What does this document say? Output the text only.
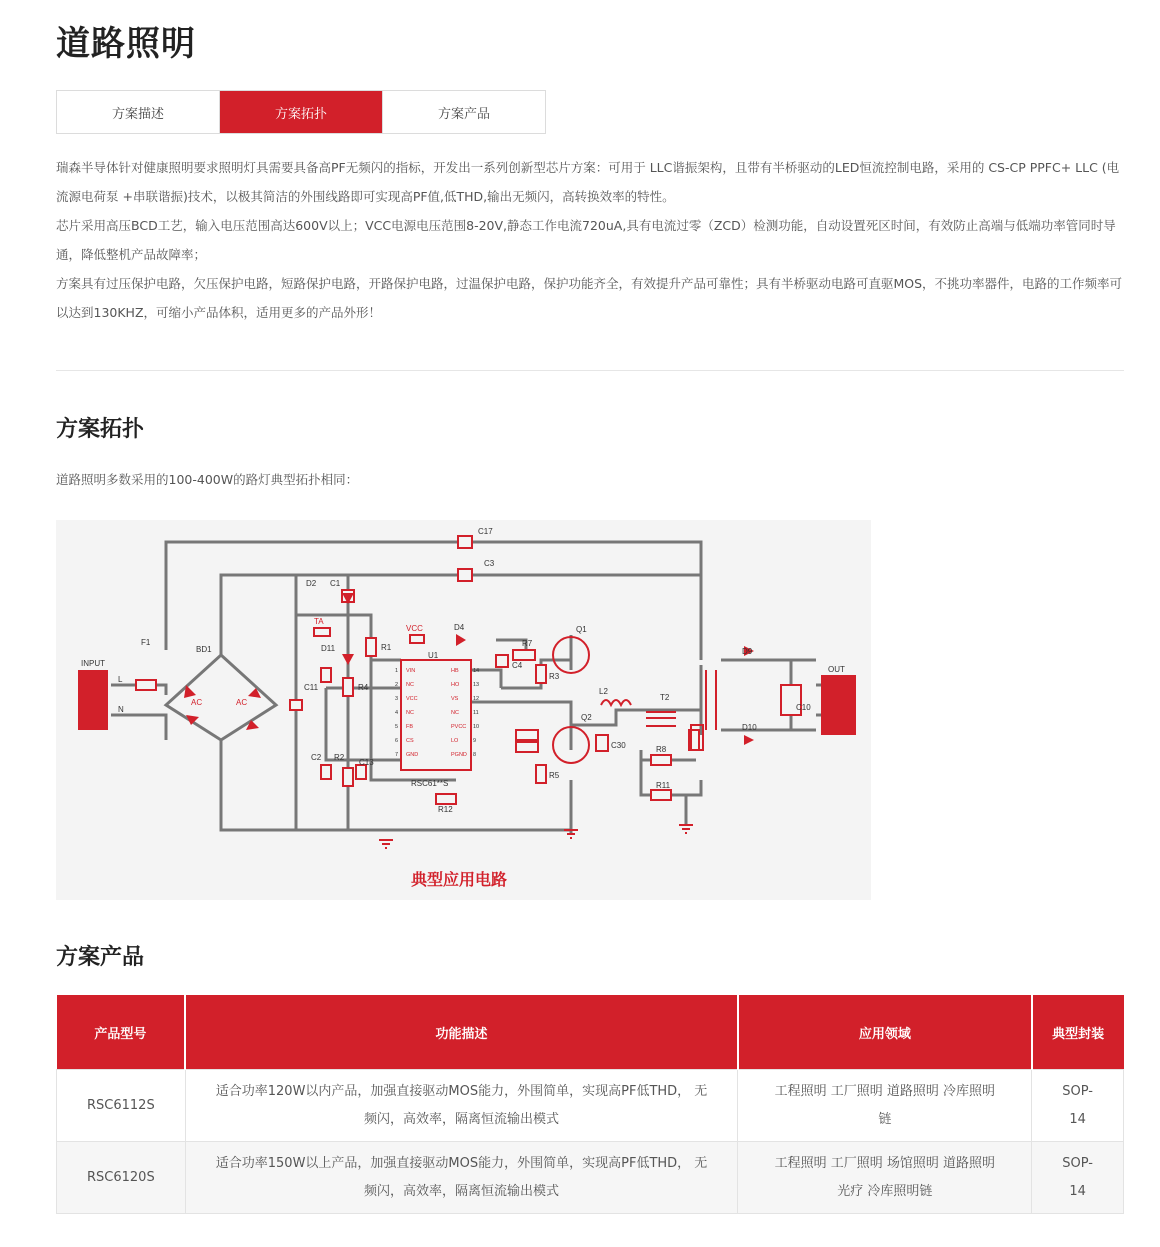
道路照明
方案描述	方案拓扑	方案产品

瑞森半导体针对健康照明要求照明灯具需要具备高PF无频闪的指标，开发出一系列创新型芯片方案：可用于 LLC谐振架构，且带有半桥驱动的LED恒流控制电路，采用的 CS-CP PPFC+ LLC (电流源电荷泵 +串联谐振)技术，以极其简洁的外围线路即可实现高PF值,低THD,输出无频闪，高转换效率的特性。

芯片采用高压BCD工艺，输入电压范围高达600V以上；VCC电源电压范围8-20V,静态工作电流720uA,具有电流过零（ZCD）检测功能，自动设置死区时间，有效防止高端与低端功率管同时导通，降低整机产品故障率；

方案具有过压保护电路，欠压保护电路，短路保护电路，开路保护电路，过温保护电路，保护功能齐全，有效提升产品可靠性；具有半桥驱动电路可直驱MOS，不挑功率器件，电路的工作频率可以达到130KHZ，可缩小产品体积，适用更多的产品外形！

方案拓扑
道路照明多数采用的100-400W的路灯典型拓扑相同：
C17
C3
D2 C1
F1
BD1
AC	AC
INPUT
L
N
R1
TA
D11
R4
C11
C2 R2
C13
VCC	D4
R7
C4
R3
Q1
Q2
R5
C30
L2
T2
R8
R11
R12
D9
D10
C10
OUT
U1
RSC61**S
VIN
NC
VCC
NC
FB
CS
GND
HB
HO
VS
NC
PVCC
LO
PGND
1
2
3
4
5
6
7
14
13
12
11
10
9
8
典型应用电路
方案产品
产品型号	功能描述	应用领域	典型封装
RSC6112S	适合功率120W以内产品，加强直接驱动MOS能力，外围简单，实现高PF低THD， 无频闪，高效率，隔离恒流输出模式	工程照明 工厂照明 道路照明 冷库照明链	SOP-14
RSC6120S	适合功率150W以上产品，加强直接驱动MOS能力，外围简单，实现高PF低THD， 无频闪，高效率，隔离恒流输出模式	工程照明 工厂照明 场馆照明 道路照明光疗 冷库照明链	SOP-14
